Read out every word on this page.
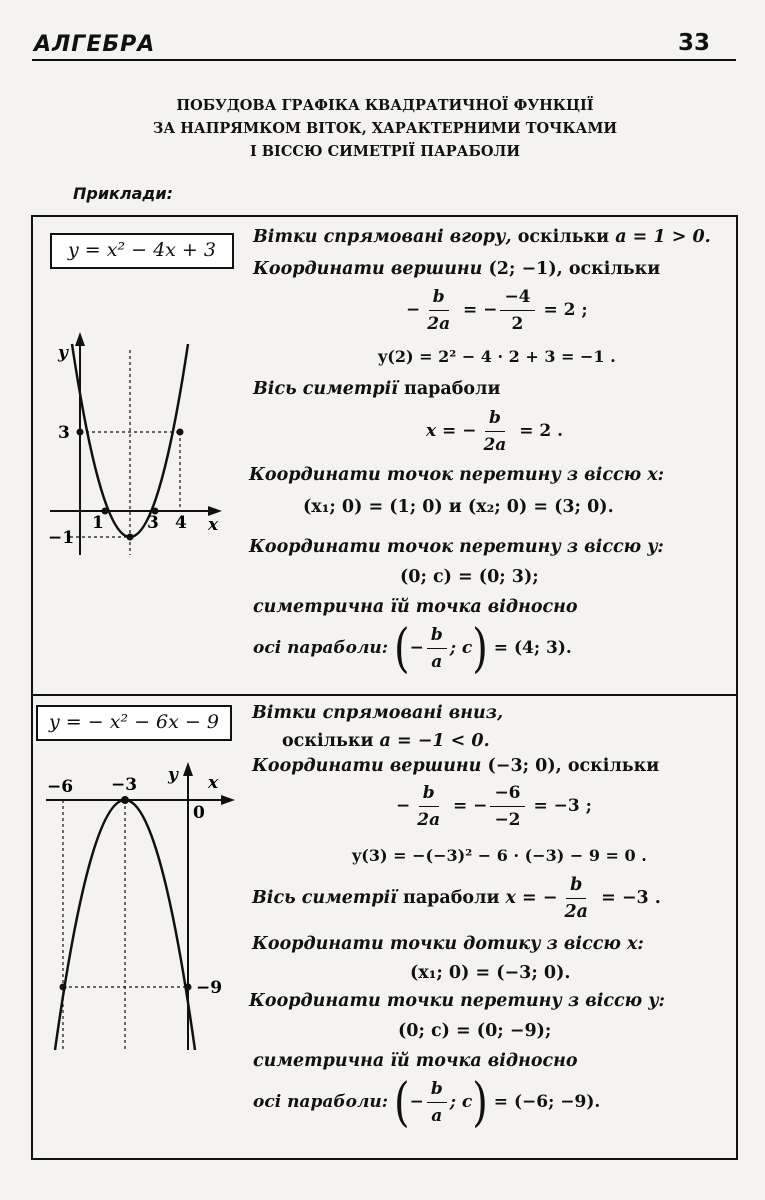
АЛГЕБРА	33
ПОБУДОВА ГРАФІКА КВАДРАТИЧНОЇ ФУНКЦІЇ
ЗА НАПРЯМКОМ ВІТОК, ХАРАКТЕРНИМИ ТОЧКАМИ
І ВІССЮ СИМЕТРІЇ ПАРАБОЛИ
Приклади:
y = x² − 4x + 3
Вітки спрямовані вгору, оскільки a = 1 > 0.
Координати вершини (2; −1), оскільки
− $\frac{b}{2a}$ = − $\frac{-4}{2} = 2$ ;
y(2) = 2² − 4 · 2 + 3 = −1 .
Вісь симетрії параболи
x = − $\frac{b}{2a} = 2$ .
Координати точок перетину з віссю x:
(x₁; 0) = (1; 0) и (x₂; 0) = (3; 0).
Координати точок перетину з віссю y:
(0; c) = (0; 3);
симетрична їй точка відносно
осі параболи: (− $\frac{b}{a}$ ; c) = (4; 3).
y
x
3
−1
1	3 4
y = − x² − 6x − 9	Вітки спрямовані вниз,
оскільки a = −1 < 0.
Координати вершини (−3; 0), оскільки
− $\frac{b}{2a}$ = − $\frac{-6}{-2} = -3$ ;
y(3) = −(−3)² − 6 · (−3) − 9 = 0 .
Вісь симетрії параболи x = − $\frac{b}{2a} = -3$ .
Координати точки дотику з віссю x:
(x₁; 0) = (−3; 0).
Координати точки перетину з віссю y:
(0; c) = (0; −9);
симетрична їй точка відносно
осі параболи: (− $\frac{b}{a}$ ; c) = (−6; −9).
−6 −3 y x
0
−9
